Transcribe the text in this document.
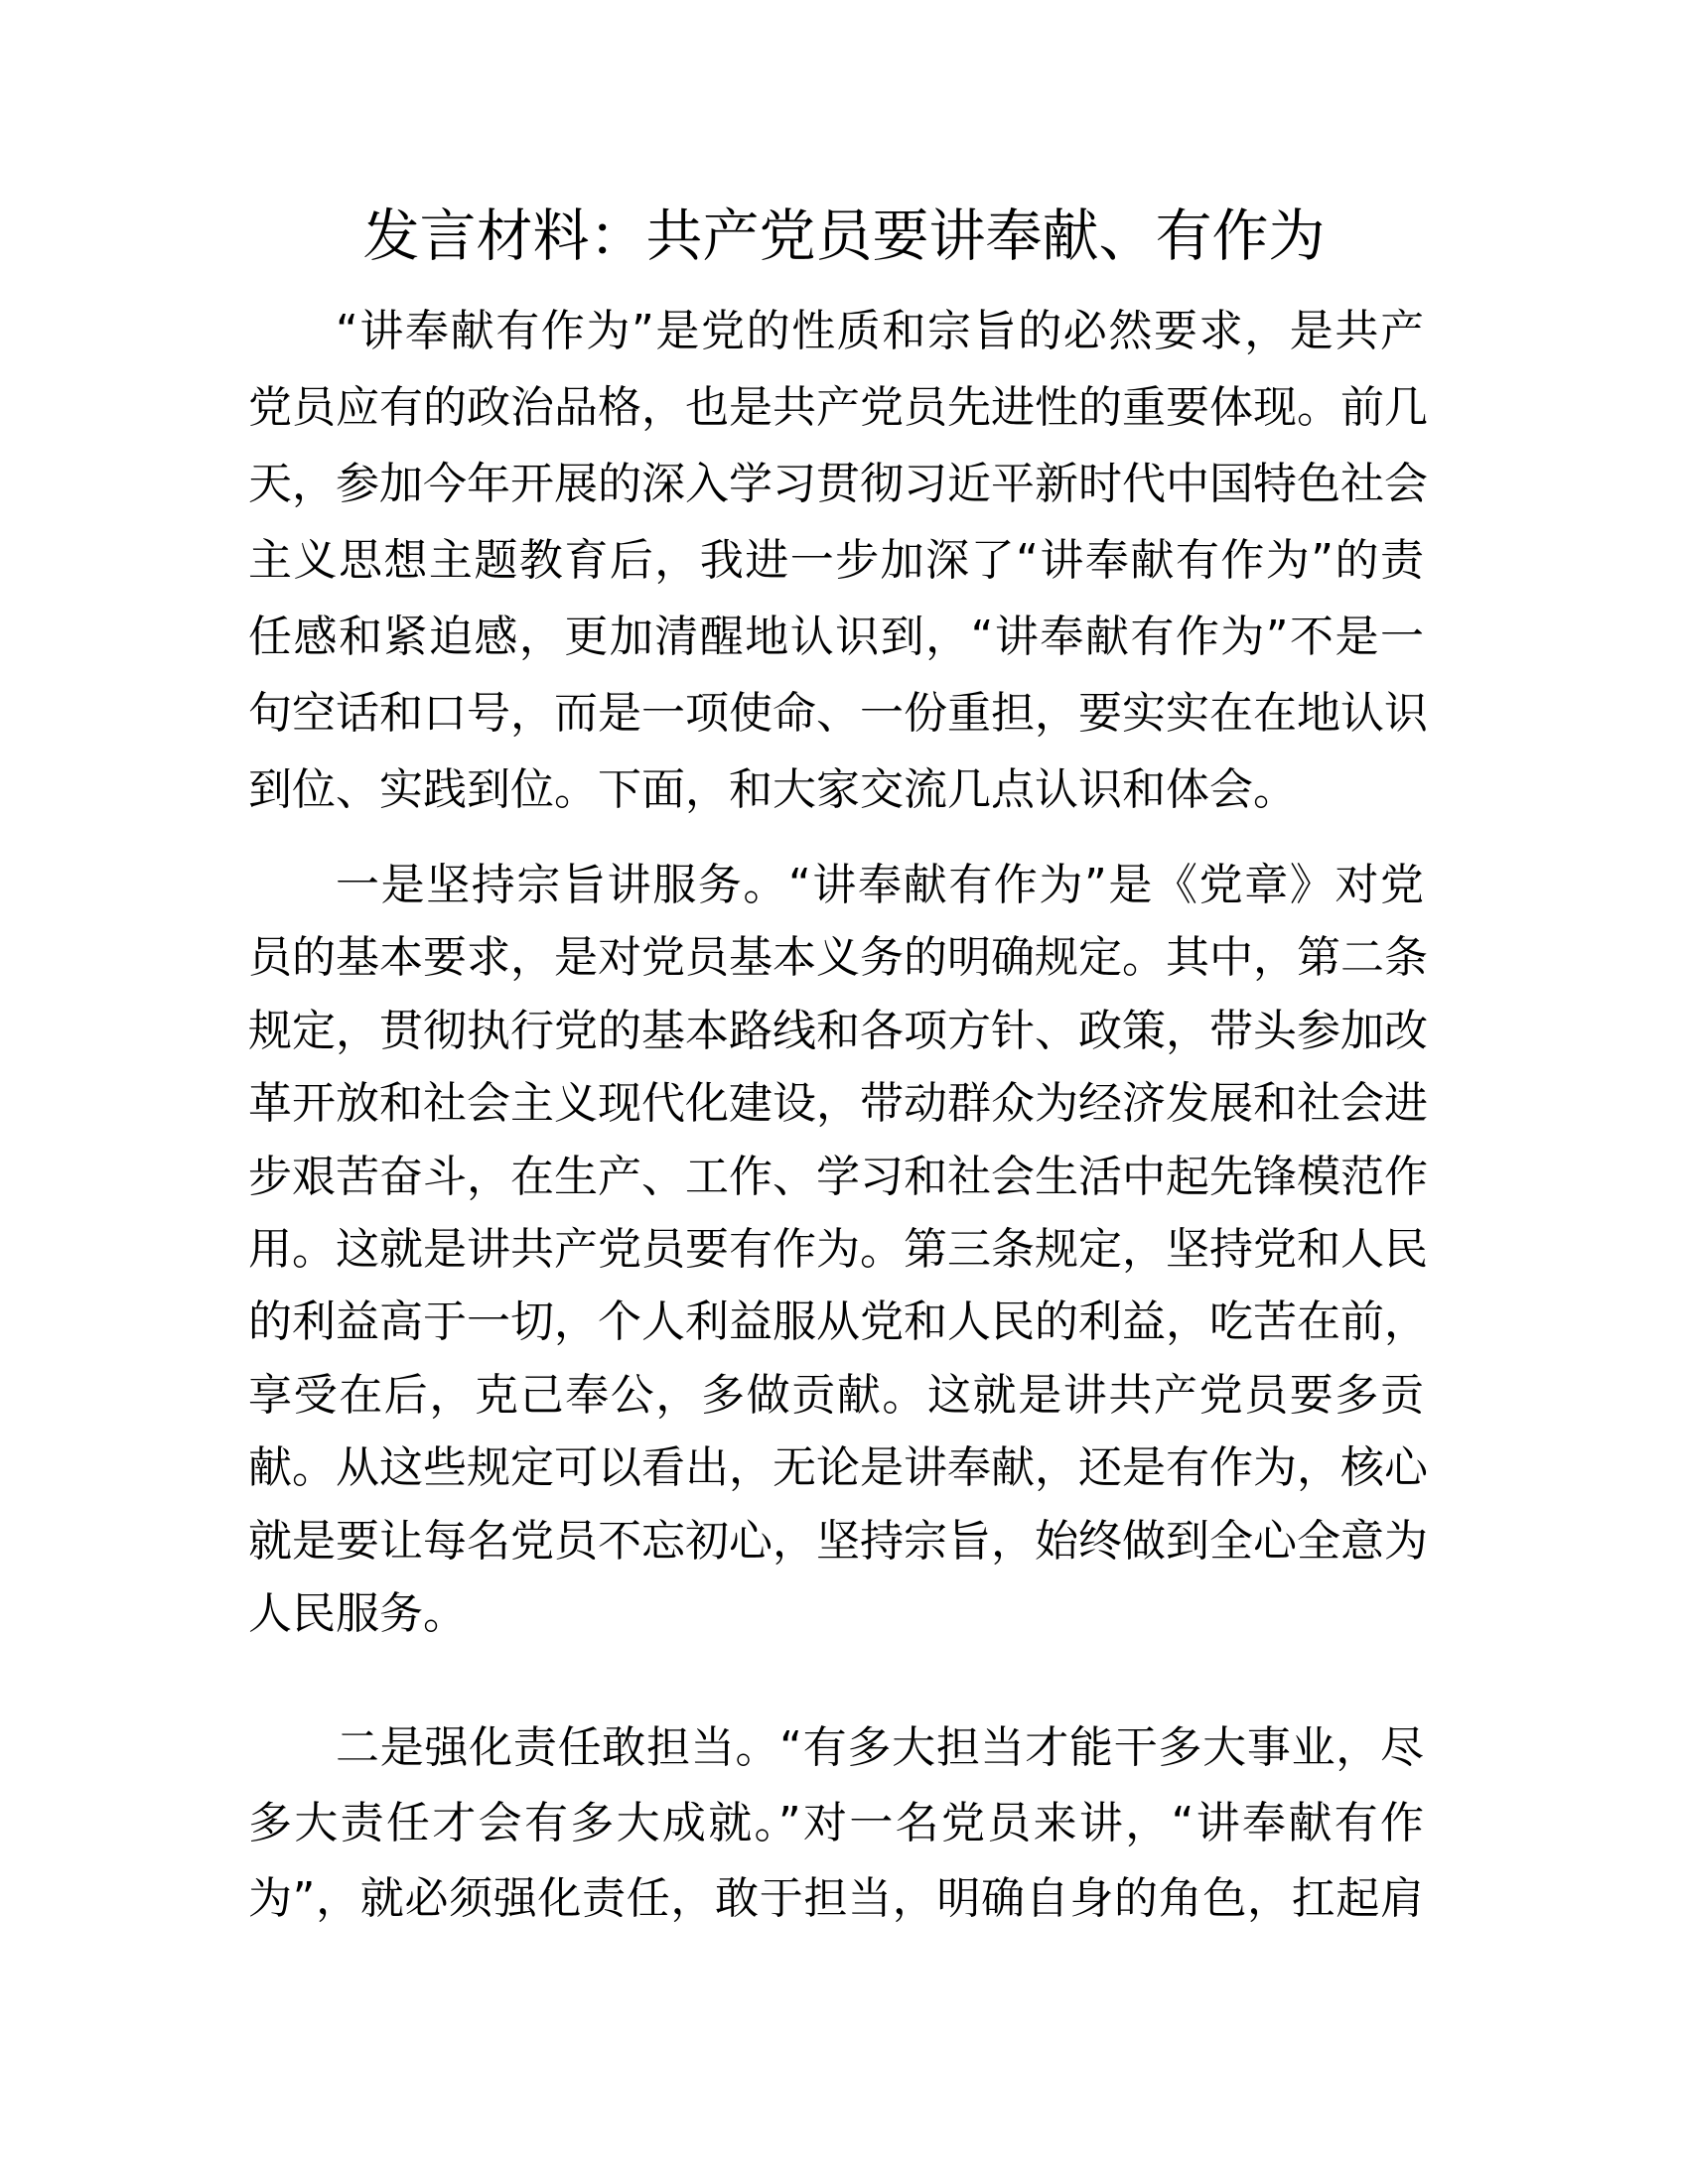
发言材料：共产党员要讲奉献、有作为
“讲奉献有作为”是党的性质和宗旨的必然要求，是共产
党员应有的政治品格，也是共产党员先进性的重要体现。前几
天，参加今年开展的深入学习贯彻习近平新时代中国特色社会
主义思想主题教育后，我进一步加深了“讲奉献有作为”的责
任感和紧迫感，更加清醒地认识到，“讲奉献有作为”不是一
句空话和口号，而是一项使命、一份重担，要实实在在地认识
到位、实践到位。下面，和大家交流几点认识和体会。
一是坚持宗旨讲服务。“讲奉献有作为”是《党章》对党
员的基本要求，是对党员基本义务的明确规定。其中，第二条
规定，贯彻执行党的基本路线和各项方针、政策，带头参加改
革开放和社会主义现代化建设，带动群众为经济发展和社会进
步艰苦奋斗，在生产、工作、学习和社会生活中起先锋模范作
用。这就是讲共产党员要有作为。第三条规定，坚持党和人民
的利益高于一切，个人利益服从党和人民的利益，吃苦在前，
享受在后，克己奉公，多做贡献。这就是讲共产党员要多贡
献。从这些规定可以看出，无论是讲奉献，还是有作为，核心
就是要让每名党员不忘初心，坚持宗旨，始终做到全心全意为
人民服务。
二是强化责任敢担当。“有多大担当才能干多大事业，尽
多大责任才会有多大成就。”对一名党员来讲，“讲奉献有作
为”，就必须强化责任，敢于担当，明确自身的角色，扛起肩
